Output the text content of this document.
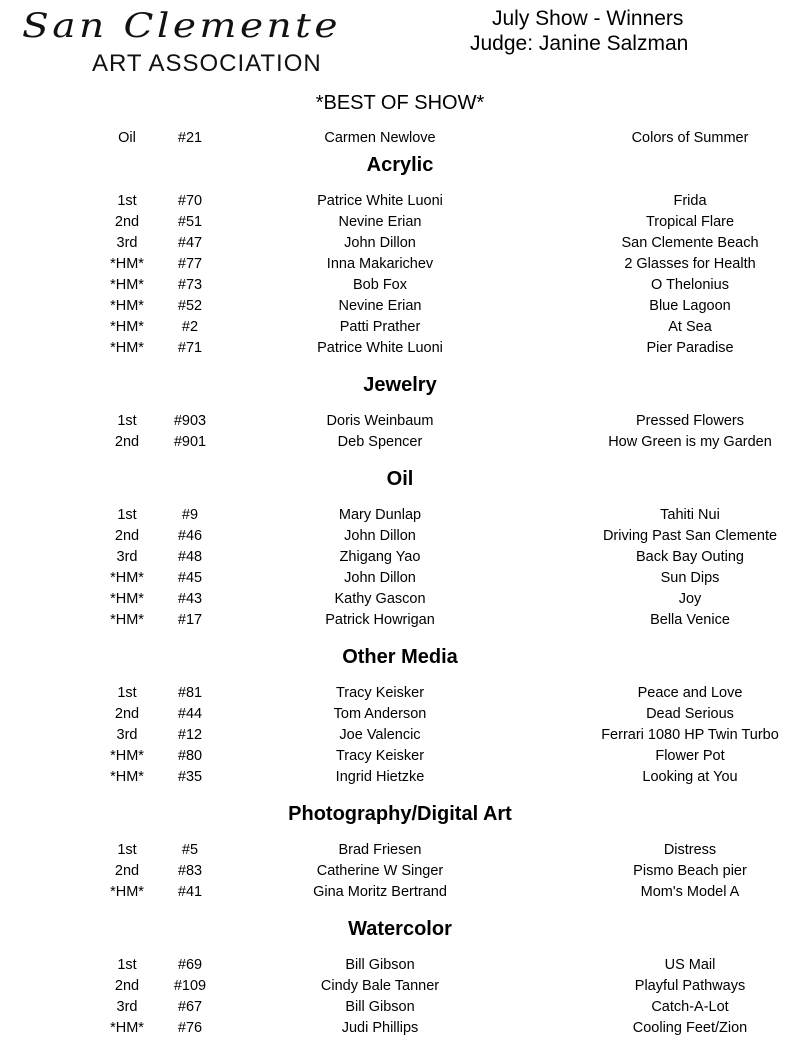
San Clemente
ART ASSOCIATION
July Show - Winners
Judge: Janine Salzman
*BEST OF SHOW*
Oil	#21	Carmen Newlove	Colors of Summer
Acrylic
1st	#70	Patrice White Luoni	Frida
2nd	#51	Nevine Erian	Tropical Flare
3rd	#47	John Dillon	San Clemente Beach
*HM*	#77	Inna Makarichev	2 Glasses for Health
*HM*	#73	Bob Fox	O Thelonius
*HM*	#52	Nevine Erian	Blue Lagoon
*HM*	#2	Patti Prather	At Sea
*HM*	#71	Patrice White Luoni	Pier Paradise
Jewelry
1st	#903	Doris Weinbaum	Pressed Flowers
2nd	#901	Deb Spencer	How Green is my Garden
Oil
1st	#9	Mary Dunlap	Tahiti Nui
2nd	#46	John Dillon	Driving Past San Clemente
3rd	#48	Zhigang Yao	Back Bay Outing
*HM*	#45	John Dillon	Sun Dips
*HM*	#43	Kathy Gascon	Joy
*HM*	#17	Patrick Howrigan	Bella Venice
Other Media
1st	#81	Tracy Keisker	Peace and Love
2nd	#44	Tom Anderson	Dead Serious
3rd	#12	Joe Valencic	Ferrari 1080 HP Twin Turbo
*HM*	#80	Tracy Keisker	Flower Pot
*HM*	#35	Ingrid Hietzke	Looking at You
Photography/Digital Art
1st	#5	Brad Friesen	Distress
2nd	#83	Catherine W Singer	Pismo Beach pier
*HM*	#41	Gina Moritz Bertrand	Mom's Model A
Watercolor
1st	#69	Bill Gibson	US Mail
2nd	#109	Cindy Bale Tanner	Playful Pathways
3rd	#67	Bill Gibson	Catch-A-Lot
*HM*	#76	Judi Phillips	Cooling Feet/Zion
